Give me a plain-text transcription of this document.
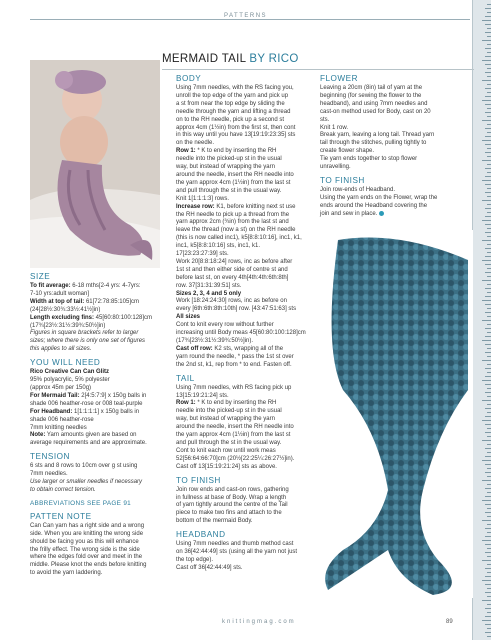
PATTERNS
MERMAID TAIL BY RICO
SIZE
To fit average: 6-18 mths[2-4 yrs: 4-7yrs:
7-10 yrs:adult woman]
Width at top of tail: 61[72:78:85:105]cm
(24[28½:30¾:33½:41½]in)
Length excluding fins: 45[60:80:100:128]cm
(17¾[23½:31½:39¾:50½]in)
Figures in square brackets refer to larger
sizes; where there is only one set of figures
this applies to all sizes.
YOU WILL NEED
Rico Creative Can Can Glitz
95% polyacrylic, 5% polyester
(approx 45m per 150g)
For Mermaid Tail: 2[4:5:7:9] x 150g balls in
shade 006 heather-rose or 008 teal-purple
For Headband: 1[1:1:1:1] x 150g balls in
shade 006 heather-rose
7mm knitting needles
Note: Yarn amounts given are based on
average requirements and are approximate.
TENSION
6 sts and 8 rows to 10cm over g st using
7mm needles.
Use larger or smaller needles if necessary
to obtain correct tension.
ABBREVIATIONS SEE PAGE 91
PATTEN NOTE
Can Can yarn has a right side and a wrong
side. When you are knitting the wrong side
should be facing you as this will enhance
the frilly effect. The wrong side is the side
where the edges fold over and meet in the
middle. Please knot the ends before knitting
to avoid the yarn laddering.
BODY
Using 7mm needles, with the RS facing you,
unroll the top edge of the yarn and pick up
a st from near the top edge by sliding the
needle through the yarn and lifting a thread
on to the RH needle, pick up a second st
approx 4cm (1½in) from the first st, then cont
in this way until you have 13[19:19:23:35] sts
on the needle.
Row 1: * K to end by inserting the RH
needle into the picked-up st in the usual
way, but instead of wrapping the yarn
around the needle, insert the RH needle into
the yarn approx 4cm (1½in) from the last st
and pull through the st in the usual way.
Knit 1[1:1:1:3] rows.
Increase row: K1, before knitting next st use
the RH needle to pick up a thread from the
yarn approx 2cm (¾in) from the last st and
leave the thread (now a st) on the RH needle
(this is now called inc1), k5[8:8:10:16], inc1, k1,
inc1, k5[8:8:10:16] sts, inc1, k1.
17[23:23:27:39] sts.
Work 20[8:8:18:24] rows, inc as before after
1st st and then either side of centre st and
before last st, on every 4th[4th:4th:6th:8th]
row. 37[31:31:39:51] sts.
Sizes 2, 3, 4 and 5 only
Work [18:24:24:30] rows, inc as before on
every [6th:6th:8th:10th] row. [43:47:51:63] sts
All sizes
Cont to knit every row without further
increasing until Body meas 45[60:80:100:128]cm
(17¾[23½:31½:39¾:50½]in).
Cast off row: K2 sts, wrapping all of the
yarn round the needle, * pass the 1st st over
the 2nd st, k1, rep from * to end. Fasten off.
TAIL
Using 7mm needles, with RS facing pick up
13[15:19:21:24] sts.
Row 1: * K to end by inserting the RH
needle into the picked-up st in the usual
way, but instead of wrapping the yarn
around the needle, insert the RH needle into
the yarn approx 4cm (1½in) from the last st
and pull through the st in the usual way.
Cont to knit each row until work meas
52[56:64:66:70]cm (20½[22:25¼:26:27½]in).
Cast off 13[15:19:21:24] sts as above.
TO FINISH
Join row ends and cast-on rows, gathering
in fullness at base of Body. Wrap a length
of yarn tightly around the centre of the Tail
piece to make two fins and attach to the
bottom of the mermaid Body.
HEADBAND
Using 7mm needles and thumb method cast
on 36[42:44:49] sts (using all the yarn not just
the top edge).
Cast off 36[42:44:49] sts.
FLOWER
Leaving a 20cm (8in) tail of yarn at the
beginning (for sewing the flower to the
headband), and using 7mm needles and
cast-on method used for Body, cast on 20
sts.
Knit 1 row.
Break yarn, leaving a long tail. Thread yarn
tail through the stitches, pulling tightly to
create flower shape.
Tie yarn ends together to stop flower
unravelling.
TO FINISH
Join row-ends of Headband.
Using the yarn ends on the Flower, wrap the
ends around the Headband covering the
join and sew in place.
knittingmag.com	89
